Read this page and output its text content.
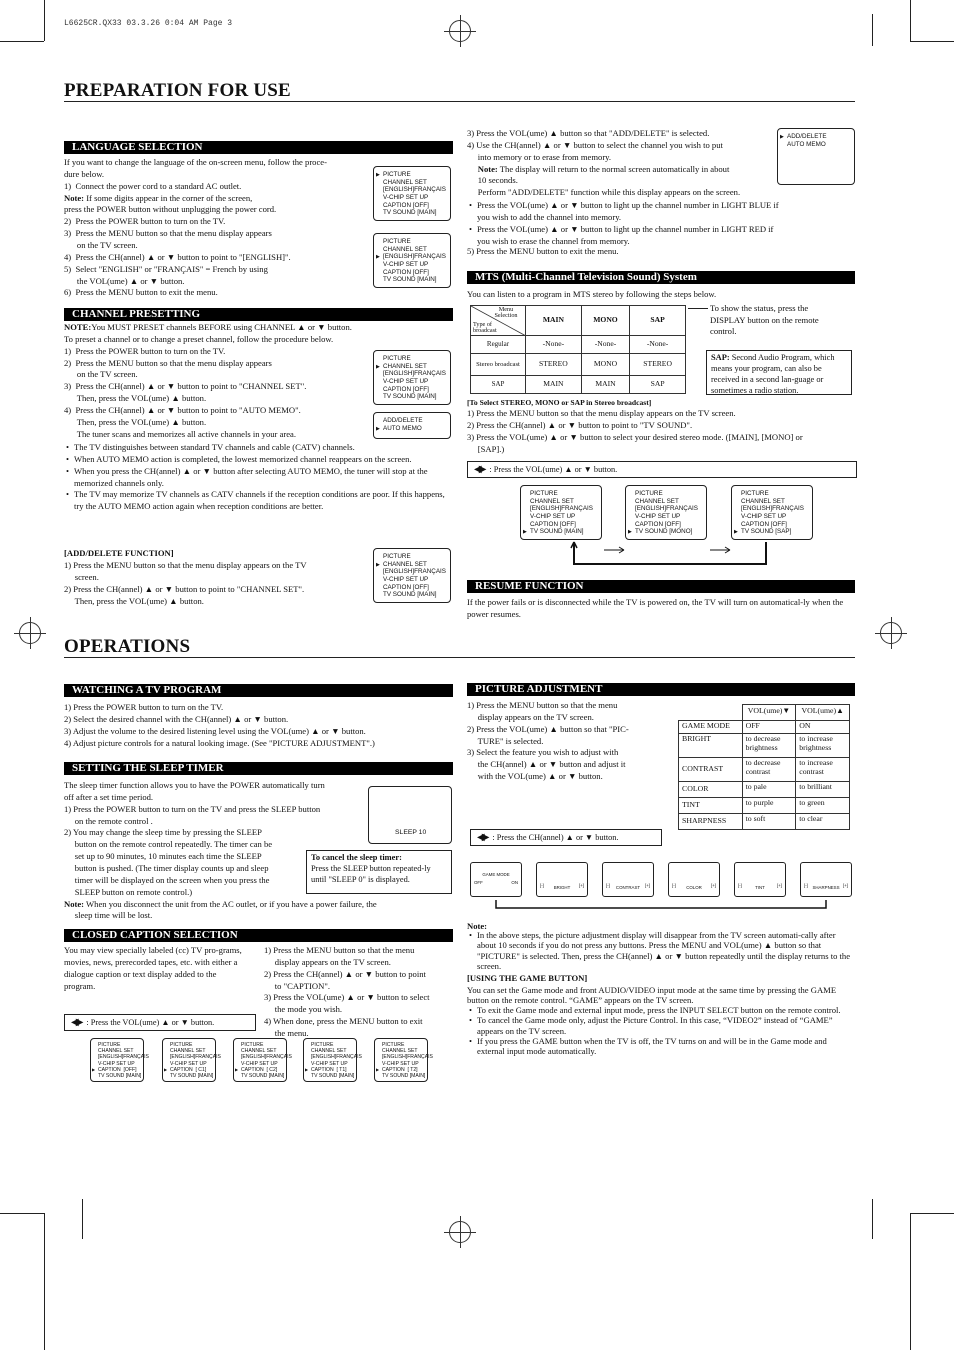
L6625CR.QX33 03.3.26 0:04 AM Page 3
PREPARATION FOR USE
LANGUAGE SELECTION
If you want to change the language of the on-screen menu, follow the proce-
dure below.
1)  Connect the power cord to a standard AC outlet.
Note: If some digits appear in the corner of the screen,
press the POWER button without unplugging the power cord.
2)  Press the POWER button to turn on the TV.
3)  Press the MENU button so that the menu display appears
on the TV screen.
4)  Press the CH(annel) ▲ or ▼ button to point to "[ENGLISH]".
5)  Select "ENGLISH" or "FRANÇAIS" = French by using
the VOL(ume) ▲ or ▼ button.
6)  Press the MENU button to exit the menu.
▶ PICTURE
CHANNEL SET
[ENGLISH]FRANÇAIS
V-CHIP SET UP
CAPTION [OFF]
TV SOUND [MAIN]
PICTURE
CHANNEL SET
▶ [ENGLISH]FRANÇAIS
V-CHIP SET UP
CAPTION [OFF]
TV SOUND [MAIN]
CHANNEL PRESETTING
NOTE:You MUST PRESET channels BEFORE using CHANNEL ▲ or ▼ button.
To preset a channel or to change a preset channel, follow the procedure below.
1)  Press the POWER button to turn on the TV.
2)  Press the MENU button so that the menu display appears
on the TV screen.
3)  Press the CH(annel) ▲ or ▼ button to point to "CHANNEL SET".
Then, press the VOL(ume) ▲ button.
4)  Press the CH(annel) ▲ or ▼ button to point to "AUTO MEMO".
Then, press the VOL(ume) ▲ button.
The tuner scans and memorizes all active channels in your area.
PICTURE
▶ CHANNEL SET
[ENGLISH]FRANÇAIS
V-CHIP SET UP
CAPTION [OFF]
TV SOUND [MAIN]
ADD/DELETE
▶ AUTO MEMO
• The TV distinguishes between standard TV channels and cable (CATV) channels.
• When AUTO MEMO action is completed, the lowest memorized channel reappears on the screen.
• When you press the CH(annel) ▲ or ▼ button after selecting AUTO MEMO, the tuner will stop at the memorized channels only.
• The TV may memorize TV channels as CATV channels if the reception conditions are poor. If this happens, try the AUTO MEMO action again when reception conditions are better.
[ADD/DELETE FUNCTION]
1) Press the MENU button so that the menu display appears on the TV
screen.
2) Press the CH(annel) ▲ or ▼ button to point to "CHANNEL SET".
Then, press the VOL(ume) ▲ button.
PICTURE
▶ CHANNEL SET
[ENGLISH]FRANÇAIS
V-CHIP SET UP
CAPTION [OFF]
TV SOUND [MAIN]
3) Press the VOL(ume) ▲ button so that "ADD/DELETE" is selected.
4) Use the CH(annel) ▲ or ▼ button to select the channel you wish to put
into memory or to erase from memory.
Note: The display will return to the normal screen automatically in about
10 seconds.
Perform "ADD/DELETE" function while this display appears on the screen.
▶ ADD/DELETE
AUTO MEMO
• Press the VOL(ume) ▲ or ▼ button to light up the channel number in LIGHT BLUE if you wish to add the channel into memory.
• Press the VOL(ume) ▲ or ▼ button to light up the channel number in LIGHT RED if you wish to erase the channel from memory.
5) Press the MENU button to exit the menu.
MTS (Multi-Channel Television Sound) System
You can listen to a program in MTS stereo by following the steps below.
Menu Selection
Type of broadcast	MAIN	MONO	SAP
Regular	-None-	-None-	-None-
Stereo broadcast	STEREO	MONO	STEREO
SAP	MAIN	MAIN	SAP
To show the status, press the DISPLAY button on the remote control.
SAP: Second Audio Program, which means your program, can also be received in a second lan-guage or sometimes a radio station.
[To Select STEREO, MONO or SAP in Stereo broadcast]
1) Press the MENU button so that the menu display appears on the TV screen.
2) Press the CH(annel) ▲ or ▼ button to point to "TV SOUND".
3) Press the VOL(ume) ▲ or ▼ button to select your desired stereo mode. ([MAIN], [MONO] or
[SAP].)
◀▶ : Press the VOL(ume) ▲ or ▼ button.
PICTURE
CHANNEL SET
[ENGLISH]FRANÇAIS
V-CHIP SET UP
CAPTION [OFF]
▶ TV SOUND [MAIN]
PICTURE
CHANNEL SET
[ENGLISH]FRANÇAIS
V-CHIP SET UP
CAPTION [OFF]
▶ TV SOUND [MONO]
PICTURE
CHANNEL SET
[ENGLISH]FRANÇAIS
V-CHIP SET UP
CAPTION [OFF]
▶ TV SOUND [SAP]
RESUME FUNCTION
If the power fails or is disconnected while the TV is powered on, the TV will turn on automatical-ly when the power resumes.
OPERATIONS
WATCHING A TV PROGRAM
1) Press the POWER button to turn on the TV.
2) Select the desired channel with the CH(annel) ▲ or ▼ button.
3) Adjust the volume to the desired listening level using the VOL(ume) ▲ or ▼ button.
4) Adjust picture controls for a natural looking image. (See "PICTURE ADJUSTMENT".)
SETTING THE SLEEP TIMER
The sleep timer function allows you to have the POWER automatically turn
off after a set time period.
1) Press the POWER button to turn on the TV and press the SLEEP button
on the remote control .
2) You may change the sleep time by pressing the SLEEP
button on the remote control repeatedly. The timer can be
set up to 90 minutes, 10 minutes each time the SLEEP
button is pushed. (The timer display counts up and sleep
timer will be displayed on the screen when you press the
SLEEP button on remote control.)
Note: When you disconnect the unit from the AC outlet, or if you have a power failure, the
sleep time will be lost.
SLEEP 10
To cancel the sleep timer:
Press the SLEEP button repeated-ly until "SLEEP 0" is displayed.
CLOSED CAPTION SELECTION
You may view specially labeled (cc) TV pro-grams, movies, news, prerecorded tapes, etc. with either a dialogue caption or text display added to the program.
1) Press the MENU button so that the menu
display appears on the TV screen.
2) Press the CH(annel) ▲ or ▼ button to point
to "CAPTION".
3) Press the VOL(ume) ▲ or ▼ button to select
the mode you wish.
4) When done, press the MENU button to exit
the menu.
◀▶ : Press the VOL(ume) ▲ or ▼ button.
PICTURE
CHANNEL SET
[ENGLISH]FRANÇAIS
V-CHIP SET UP
▶ CAPTION  [OFF]
TV SOUND [MAIN]
PICTURE
CHANNEL SET
[ENGLISH]FRANÇAIS
V-CHIP SET UP
▶ CAPTION  [ C1]
TV SOUND [MAIN]
PICTURE
CHANNEL SET
[ENGLISH]FRANÇAIS
V-CHIP SET UP
▶ CAPTION  [ C2]
TV SOUND [MAIN]
PICTURE
CHANNEL SET
[ENGLISH]FRANÇAIS
V-CHIP SET UP
▶ CAPTION  [ T1]
TV SOUND [MAIN]
PICTURE
CHANNEL SET
[ENGLISH]FRANÇAIS
V-CHIP SET UP
▶ CAPTION  [ T2]
TV SOUND [MAIN]
PICTURE ADJUSTMENT
1) Press the MENU button so that the menu
display appears on the TV screen.
2) Press the VOL(ume) ▲ button so that "PIC-
TURE" is selected.
3) Select the feature you wish to adjust with
the CH(annel) ▲ or ▼ button and adjust it
with the VOL(ume) ▲ or ▼ button.
	VOL(ume)▼	VOL(ume)▲
GAME MODE	OFF	ON
BRIGHT	to decrease brightness	to increase brightness
CONTRAST	to decrease contrast	to increase contrast
COLOR	to pale	to brilliant
TINT	to purple	to green
SHARPNESS	to soft	to clear
◀▶ : Press the CH(annel) ▲ or ▼ button.
GAME MODE
OFF	ON
BRIGHT
[-]	[+]	CONTRAST
[-]	[+]	COLOR
[-]	[+]	TINT
[-]	[+]	SHARPNESS
[-]	[+]
Note:
• In the above steps, the picture adjustment display will disappear from the TV screen automati-cally after about 10 seconds if you do not press any buttons. Press the MENU and VOL(ume) ▲ button so that "PICTURE" is selected. Then, press the CH(annel) ▲ or ▼ button repeatedly until the display returns to the screen.
[USING THE GAME BUTTON]
You can set the Game mode and front AUDIO/VIDEO input mode at the same time by pressing the GAME button on the remote control. “GAME” appears on the TV screen.
• To exit the Game mode and external input mode, press the INPUT SELECT button on the remote control.
• To cancel the Game mode only, adjust the Picture Control. In this case, “VIDEO2” instead of “GAME” appears on the TV screen.
• If you press the GAME button when the TV is off, the TV turns on and will be in the Game mode and external input mode automatically.
